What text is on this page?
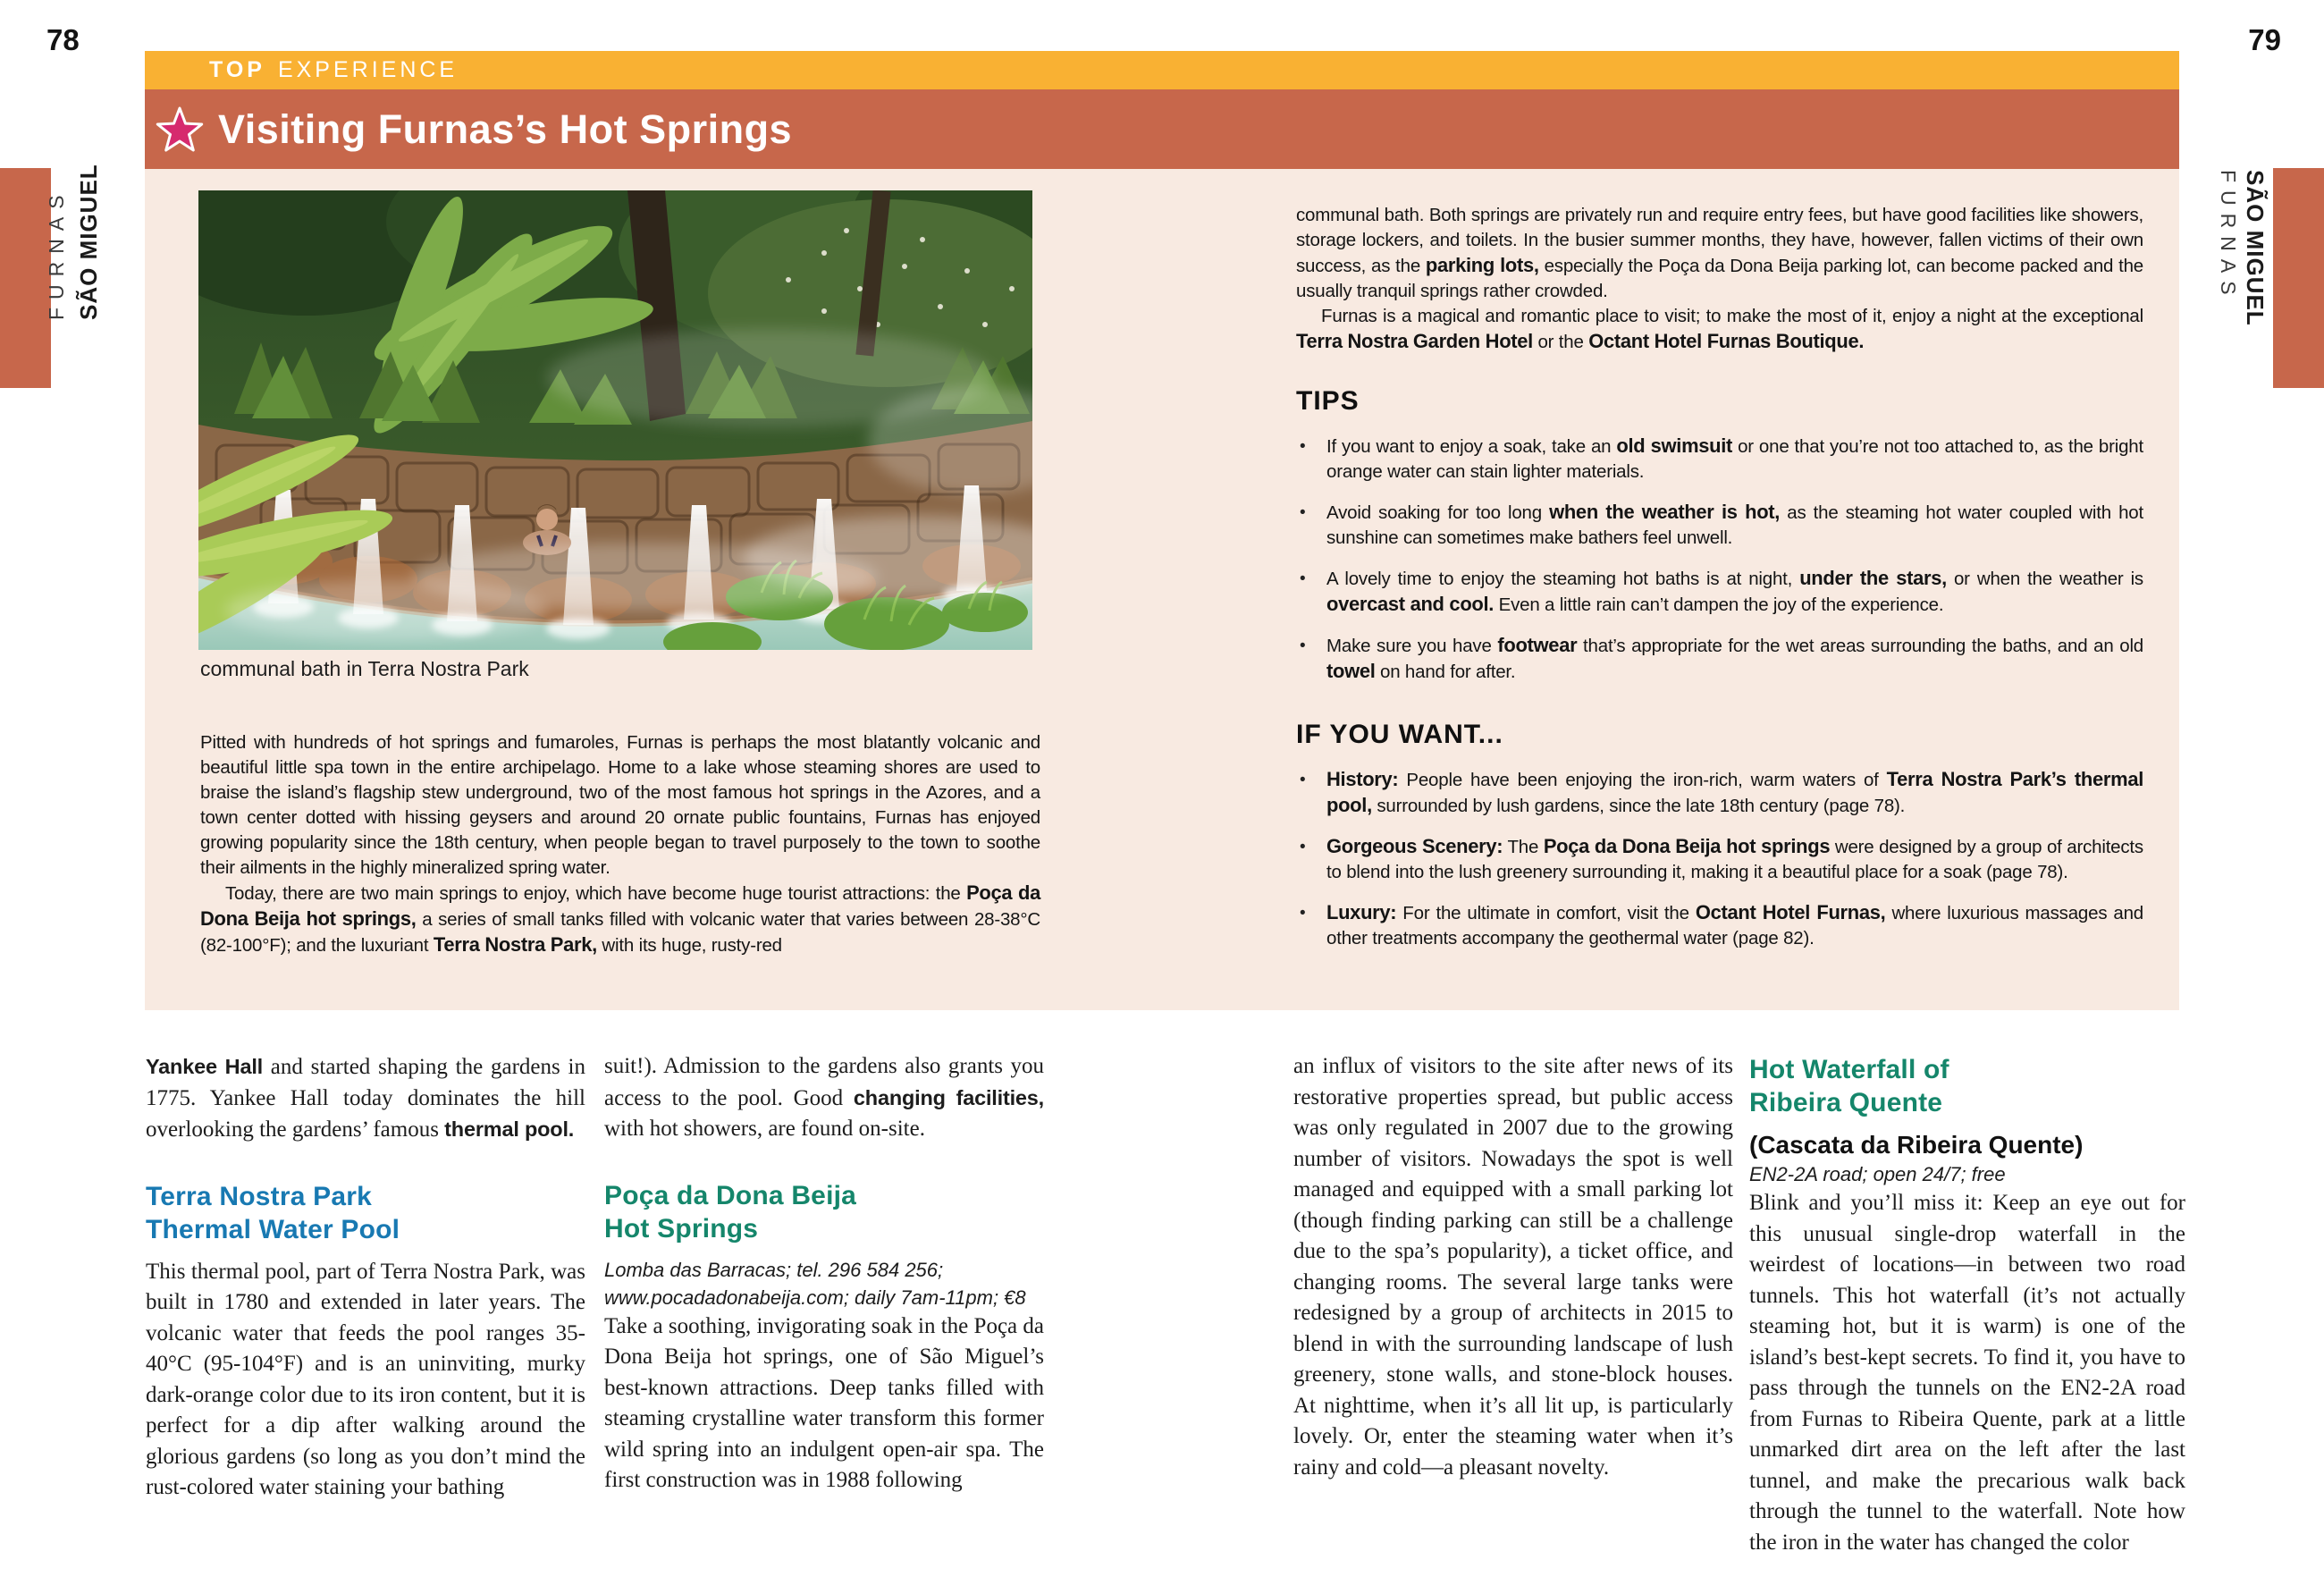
78	79
SÃO MIGUEL
FURNAS	SÃO MIGUEL
FURNAS
TOP EXPERIENCE
Visiting Furnas’s Hot Springs
communal bath in Terra Nostra Park

Pitted with hundreds of hot springs and fumaroles, Furnas is perhaps the most blatantly volcanic and beautiful little spa town in the entire archipelago. Home to a lake whose steaming shores are used to braise the island’s flagship stew underground, two of the most famous hot springs in the Azores, and a town center dotted with hissing geysers and around 20 ornate public fountains, Furnas has enjoyed growing popularity since the 18th century, when people began to travel purposely to the town to soothe their ailments in the highly mineralized spring water.

Today, there are two main springs to enjoy, which have become huge tourist attractions: the Poça da Dona Beija hot springs, a series of small tanks filled with volcanic water that varies between 28-38°C (82-100°F); and the luxuriant Terra Nostra Park, with its huge, rusty-red

communal bath. Both springs are privately run and require entry fees, but have good facilities like showers, storage lockers, and toilets. In the busier summer months, they have, however, fallen victims of their own success, as the parking lots, especially the Poça da Dona Beija parking lot, can become packed and the usually tranquil springs rather crowded.

Furnas is a magical and romantic place to visit; to make the most of it, enjoy a night at the exceptional Terra Nostra Garden Hotel or the Octant Hotel Furnas Boutique.

TIPS
• If you want to enjoy a soak, take an old swimsuit or one that you’re not too attached to, as the bright orange water can stain lighter materials.
• Avoid soaking for too long when the weather is hot, as the steaming hot water coupled with hot sunshine can sometimes make bathers feel unwell.
• A lovely time to enjoy the steaming hot baths is at night, under the stars, or when the weather is overcast and cool. Even a little rain can’t dampen the joy of the experience.
• Make sure you have footwear that’s appropriate for the wet areas surrounding the baths, and an old towel on hand for after.
IF YOU WANT...
• History: People have been enjoying the iron-rich, warm waters of Terra Nostra Park’s thermal pool, surrounded by lush gardens, since the late 18th century (page 78).
• Gorgeous Scenery: The Poça da Dona Beija hot springs were designed by a group of architects to blend into the lush greenery surrounding it, making it a beautiful place for a soak (page 78).
• Luxury: For the ultimate in comfort, visit the Octant Hotel Furnas, where luxurious massages and other treatments accompany the geothermal water (page 82).

Yankee Hall and started shaping the gardens in 1775. Yankee Hall today dominates the hill overlooking the gardens’ famous thermal pool.

Terra Nostra Park
Thermal Water Pool

This thermal pool, part of Terra Nostra Park, was built in 1780 and extended in later years. The volcanic water that feeds the pool ranges 35-40°C (95-104°F) and is an uninviting, murky dark-orange color due to its iron content, but it is perfect for a dip after walking around the glorious gardens (so long as you don’t mind the rust-colored water staining your bathing

suit!). Admission to the gardens also grants you access to the pool. Good changing facilities, with hot showers, are found on-site.

Poça da Dona Beija
Hot Springs

Lomba das Barracas; tel. 296 584 256; www.pocadadonabeija.com; daily 7am-11pm; €8

Take a soothing, invigorating soak in the Poça da Dona Beija hot springs, one of São Miguel’s best-known attractions. Deep tanks filled with steaming crystalline water transform this former wild spring into an indulgent open-air spa. The first construction was in 1988 following

an influx of visitors to the site after news of its restorative properties spread, but public access was only regulated in 2007 due to the growing number of visitors. Nowadays the spot is well managed and equipped with a small parking lot (though finding parking can still be a challenge due to the spa’s popularity), a ticket office, and changing rooms. The several large tanks were redesigned by a group of architects in 2015 to blend in with the surrounding landscape of lush greenery, stone walls, and stone-block houses. At nighttime, when it’s all lit up, is particularly lovely. Or, enter the steaming water when it’s rainy and cold—a pleasant novelty.

Hot Waterfall of
Ribeira Quente

(Cascata da Ribeira Quente)

EN2-2A road; open 24/7; free

Blink and you’ll miss it: Keep an eye out for this unusual single-drop waterfall in the weirdest of locations—in between two road tunnels. This hot waterfall (it’s not actually steaming hot, but it is warm) is one of the island’s best-kept secrets. To find it, you have to pass through the tunnels on the EN2-2A road from Furnas to Ribeira Quente, park at a little unmarked dirt area on the left after the last tunnel, and make the precarious walk back through the tunnel to the waterfall. Note how the iron in the water has changed the color
